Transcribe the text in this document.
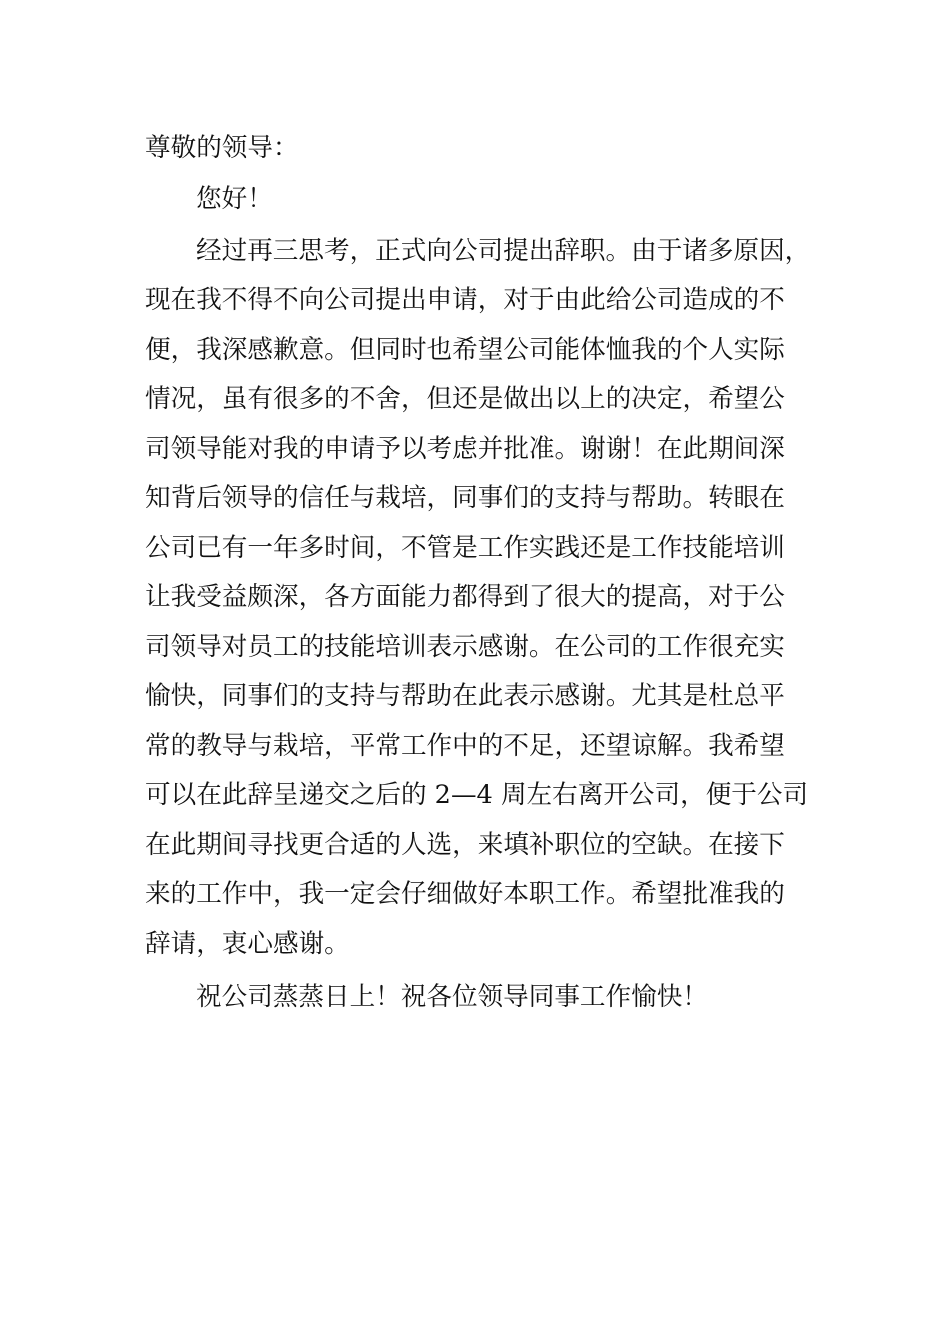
尊敬的领导：

您好！

经过再三思考，正式向公司提出辞职。由于诸多原因，

现在我不得不向公司提出申请，对于由此给公司造成的不

便，我深感歉意。但同时也希望公司能体恤我的个人实际

情况，虽有很多的不舍，但还是做出以上的决定，希望公

司领导能对我的申请予以考虑并批准。谢谢！在此期间深

知背后领导的信任与栽培，同事们的支持与帮助。转眼在

公司已有一年多时间，不管是工作实践还是工作技能培训

让我受益颇深，各方面能力都得到了很大的提高，对于公

司领导对员工的技能培训表示感谢。在公司的工作很充实

愉快，同事们的支持与帮助在此表示感谢。尤其是杜总平

常的教导与栽培，平常工作中的不足，还望谅解。我希望

可以在此辞呈递交之后的 2—4 周左右离开公司，便于公司

在此期间寻找更合适的人选，来填补职位的空缺。在接下

来的工作中，我一定会仔细做好本职工作。希望批准我的

辞请，衷心感谢。

祝公司蒸蒸日上！祝各位领导同事工作愉快！
